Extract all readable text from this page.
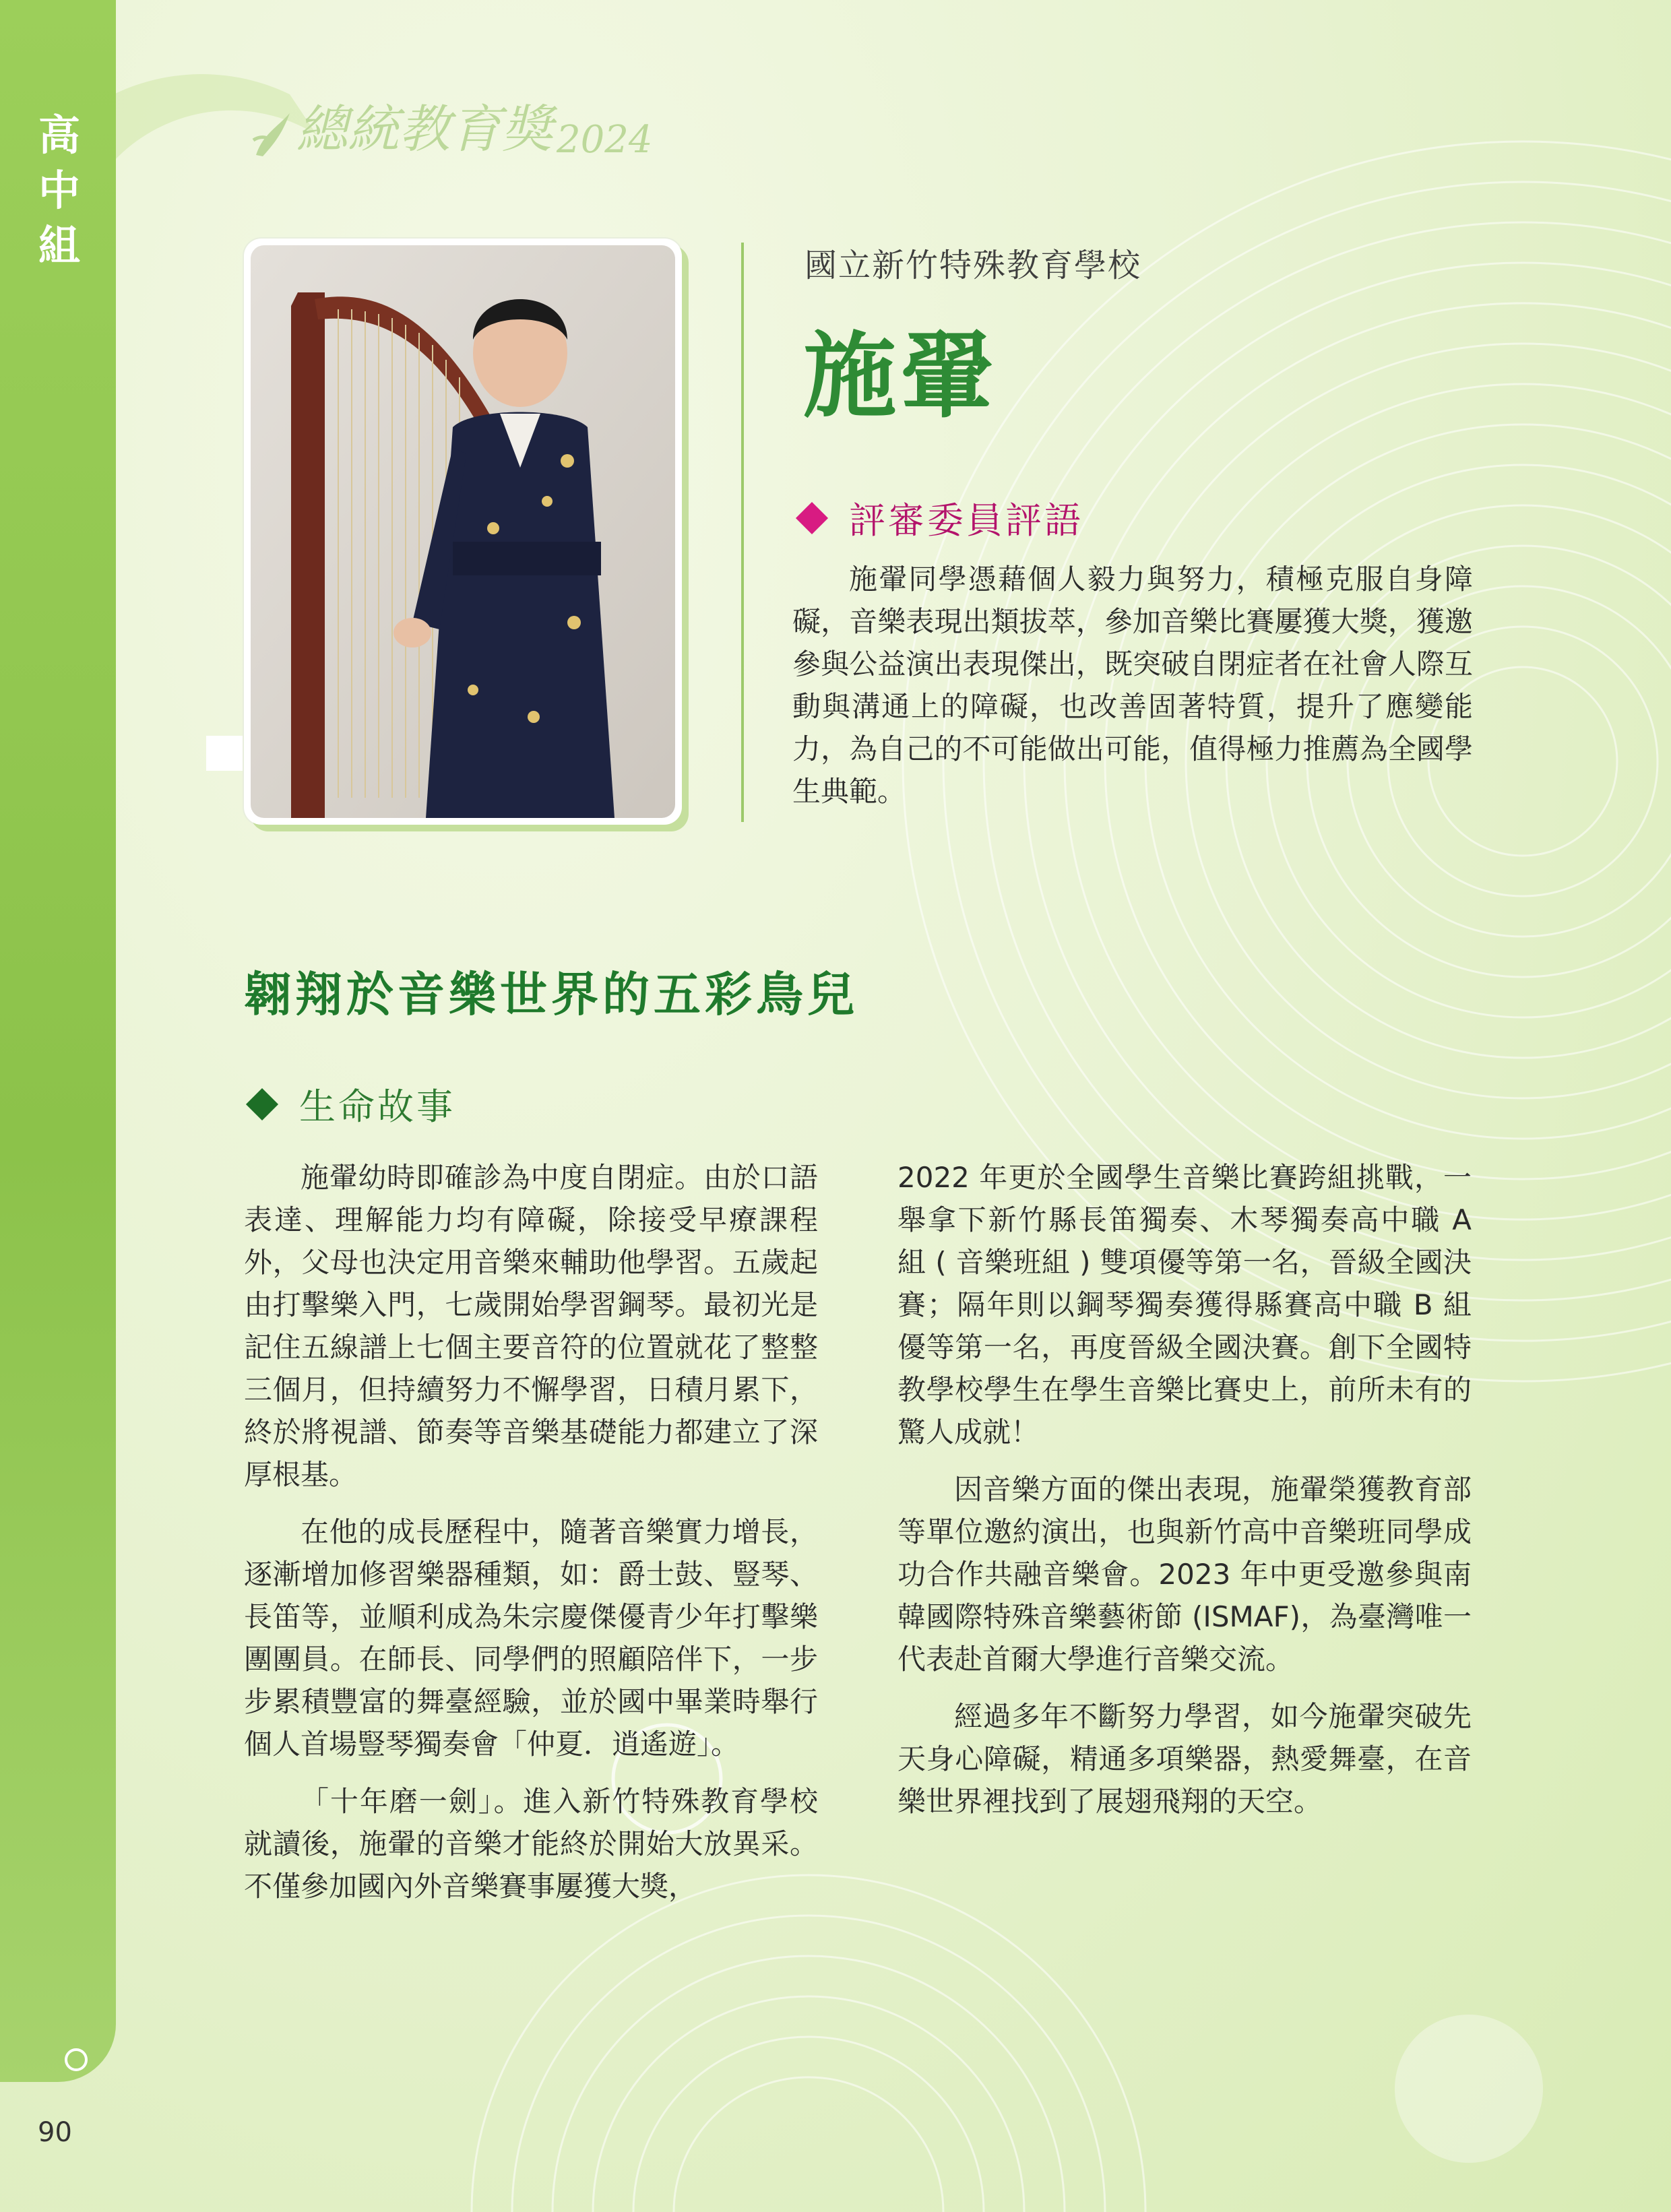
高
中
組
90
總統教育獎 2024
國立新竹特殊教育學校
施翬
評審委員評語

施翬同學憑藉個人毅力與努力，積極克服自身障礙，音樂表現出類拔萃，參加音樂比賽屢獲大獎，獲邀參與公益演出表現傑出，既突破自閉症者在社會人際互動與溝通上的障礙，也改善固著特質，提升了應變能力，為自己的不可能做出可能，值得極力推薦為全國學生典範。

翱翔於音樂世界的五彩鳥兒
生命故事

施翬幼時即確診為中度自閉症。由於口語表達、理解能力均有障礙，除接受早療課程外，父母也決定用音樂來輔助他學習。五歲起由打擊樂入門，七歲開始學習鋼琴。最初光是記住五線譜上七個主要音符的位置就花了整整三個月，但持續努力不懈學習，日積月累下，終於將視譜、節奏等音樂基礎能力都建立了深厚根基。

在他的成長歷程中，隨著音樂實力增長，逐漸增加修習樂器種類，如：爵士鼓、豎琴、長笛等，並順利成為朱宗慶傑優青少年打擊樂團團員。在師長、同學們的照顧陪伴下，一步步累積豐富的舞臺經驗，並於國中畢業時舉行個人首場豎琴獨奏會「仲夏．逍遙遊」。

「十年磨一劍」。進入新竹特殊教育學校就讀後，施翬的音樂才能終於開始大放異采。不僅參加國內外音樂賽事屢獲大獎，

2022 年更於全國學生音樂比賽跨組挑戰，一舉拿下新竹縣長笛獨奏、木琴獨奏高中職 A 組 ( 音樂班組 ) 雙項優等第一名，晉級全國決賽；隔年則以鋼琴獨奏獲得縣賽高中職 B 組優等第一名，再度晉級全國決賽。創下全國特教學校學生在學生音樂比賽史上，前所未有的驚人成就！

因音樂方面的傑出表現，施翬榮獲教育部等單位邀約演出，也與新竹高中音樂班同學成功合作共融音樂會。2023 年中更受邀參與南韓國際特殊音樂藝術節 (ISMAF)，為臺灣唯一代表赴首爾大學進行音樂交流。

經過多年不斷努力學習，如今施翬突破先天身心障礙，精通多項樂器，熱愛舞臺，在音樂世界裡找到了展翅飛翔的天空。
